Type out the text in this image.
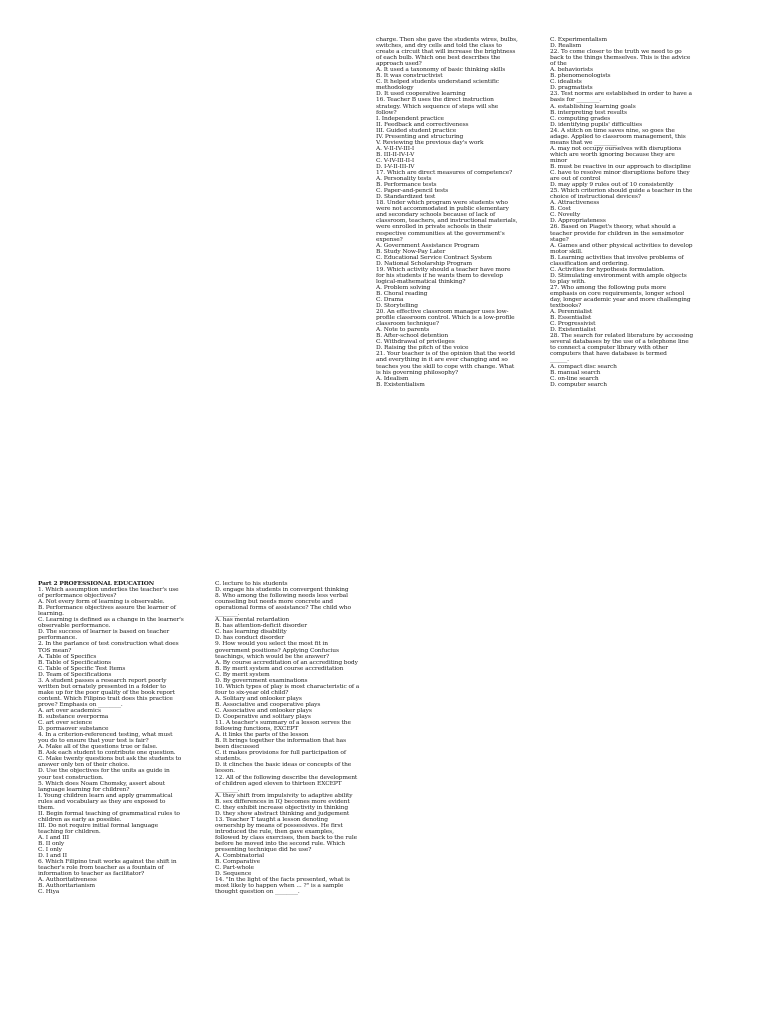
charge. Then she gave the students wires, bulbs,
switches, and dry cells and told the class to
create a circuit that will increase the brightness
of each bulb. Which one best describes the
approach used?
A. It used a taxonomy of basic thinking skills
B. It was constructivist
C. It helped students understand scientific
methodology
D. It used cooperative learning
16. Teacher B uses the direct instruction
strategy. Which sequence of steps will she
follow?
I. Independent practice
II. Feedback and correctiveness
III. Guided student practice
IV. Presenting and structuring
V. Reviewing the previous day's work
A. V-II-IV-III-I
B. III-II-IV-I-V
C. V-IV-III-II-I
D. I-V-II-III-IV
17. Which are direct measures of competence?
A. Personality tests
B. Performance tests
C. Paper-and-pencil tests
D. Standardized test
18. Under which program were students who
were not accommodated in public elementary
and secondary schools because of lack of
classroom, teachers, and instructional materials,
were enrolled in private schools in their
respective communities at the government's
expense?
A. Government Assistance Program
B. Study Now-Pay Later
C. Educational Service Contract System
D. National Scholarship Program
19. Which activity should a teacher have more
for his students if he wants them to develop
logical-mathematical thinking?
A. Problem solving
B. Choral reading
C. Drama
D. Storytelling
20. An effective classroom manager uses low-
profile classroom control. Which is a low-profile
classroom technique?
A. Note to parents
B. After-school detention
C. Withdrawal of privileges
D. Raising the pitch of the voice
21. Your teacher is of the opinion that the world
and everything in it are ever changing and so
teaches you the skill to cope with change. What
is his governing philosophy?
A. Idealism
B. Existentialism
C. Experimentalism
D. Realism
22. To come closer to the truth we need to go
back to the things themselves. This is the advice
of the
A. behaviorists
B. phenomenologists
C. idealists
D. pragmatists
23. Test norms are established in order to have a
basis for ________.
A. establishing learning goals
B. interpreting test results
C. computing grades
D. identifying pupils' difficulties
24. A stitch on time saves nine, so goes the
adage. Applied to classroom management, this
means that we ________
A. may not occupy ourselves with disruptions
which are worth ignoring because they are
minor
B. must be reactive in our approach to discipline
C. have to resolve minor disruptions before they
are out of control
D. may apply 9 rules out of 10 consistently
25. Which criterion should guide a teacher in the
choice of instructional devices?
A. Attractiveness
B. Cost
C. Novelty
D. Appropriateness
26. Based on Piaget's theory, what should a
teacher provide for children in the sensimotor
stage?
A. Games and other physical activities to develop
motor skill.
B. Learning activities that involve problems of
classification and ordering.
C. Activities for hypothesis formulation.
D. Stimulating environment with ample objects
to play with.
27. Who among the following puts more
emphasis on core requirements, longer school
day, longer academic year and more challenging
textbooks?
A. Perennialist
B. Essentialist
C. Progressivist
D. Existentialist
28. The search for related literature by accessing
several databases by the use of a telephone line
to connect a computer library with other
computers that have database is termed
______.
A. compact disc search
B. manual search
C. on-line search
D. computer search
Part 2 PROFESSIONAL EDUCATION
1. Which assumption underlies the teacher's use
of performance objectives?
A. Not every form of learning is observable.
B. Performance objectives assure the learner of
learning.
C. Learning is defined as a change in the learner's
observable performance.
D. The success of learner is based on teacher
performance.
2. In the parlance of test construction what does
TOS mean?
A. Table of Specifics
B. Table of Specifications
C. Table of Specific Test Items
D. Team of Specifications
3. A student passes a research report poorly
written but ornately presented in a folder to
make up for the poor quality of the book report
content. Which Filipino trait does this practice
prove? Emphasis on ________.
A. art over academics
B. substance overporma
C. art over science
D. pormaover substance
4. In a criterion-referenced testing, what must
you do to ensure that your test is fair?
A. Make all of the questions true or false.
B. Ask each student to contribute one question.
C. Make twenty questions but ask the students to
answer only ten of their choice.
D. Use the objectives for the units as guide in
your test construction.
5. Which does Noam Chomsky, assert about
language learning for children?
I. Young children learn and apply grammatical
rules and vocabulary as they are exposed to
them.
II. Begin formal teaching of grammatical rules to
children as early as possible.
III. Do not require initial formal language
teaching for children.
A. I and III
B. II only
C. I only
D. I and II
6. Which Filipino trait works against the shift in
teacher's role from teacher as a fountain of
information to teacher as facilitator?
A. Authoritativeness
B. Authoritarianism
C. Hiya
C. lecture to his students
D. engage his students in convergent thinking
8. Who among the following needs less verbal
counseling but needs more concrete and
operational forms of assistance? The child who
________.
A. has mental retardation
B. has attention-deficit disorder
C. has learning disability
D. has conduct disorder
9. How would you select the most fit in
government positions? Applying Confucius
teachings, which would be the answer?
A. By course accreditation of an accrediting body
B. By merit system and course accreditation
C. By merit system
D. By government examinations
10. Which types of play is most characteristic of a
four to six-year old child?
A. Solitary and onlooker plays
B. Associative and cooperative plays
C. Associative and onlooker plays
D. Cooperative and solitary plays
11. A teacher's summary of a lesson serves the
following functions, EXCEPT
A. it links the parts of the lesson
B. It brings together the information that has
been discussed
C. it makes provisions for full participation of
students.
D. it clinches the basic ideas or concepts of the
lesson.
12. All of the following describe the development
of children aged eleven to thirteen EXCEPT
________.
A. they shift from impulsivity to adaptive ability
B. sex differences in IQ becomes more evident
C. they exhibit increase objectivity in thinking
D. they show abstract thinking and judgement
13. Teacher T taught a lesson denoting
ownership by means of possessives. He first
introduced the rule, then gave examples,
followed by class exercises, then back to the rule
before he moved into the second rule. Which
presenting technique did he use?
A. Combinatorial
B. Comparative
C. Part-whole
D. Sequence
14. "In the light of the facts presented, what is
most likely to happen when ... ?" is a sample
thought question on ________.
